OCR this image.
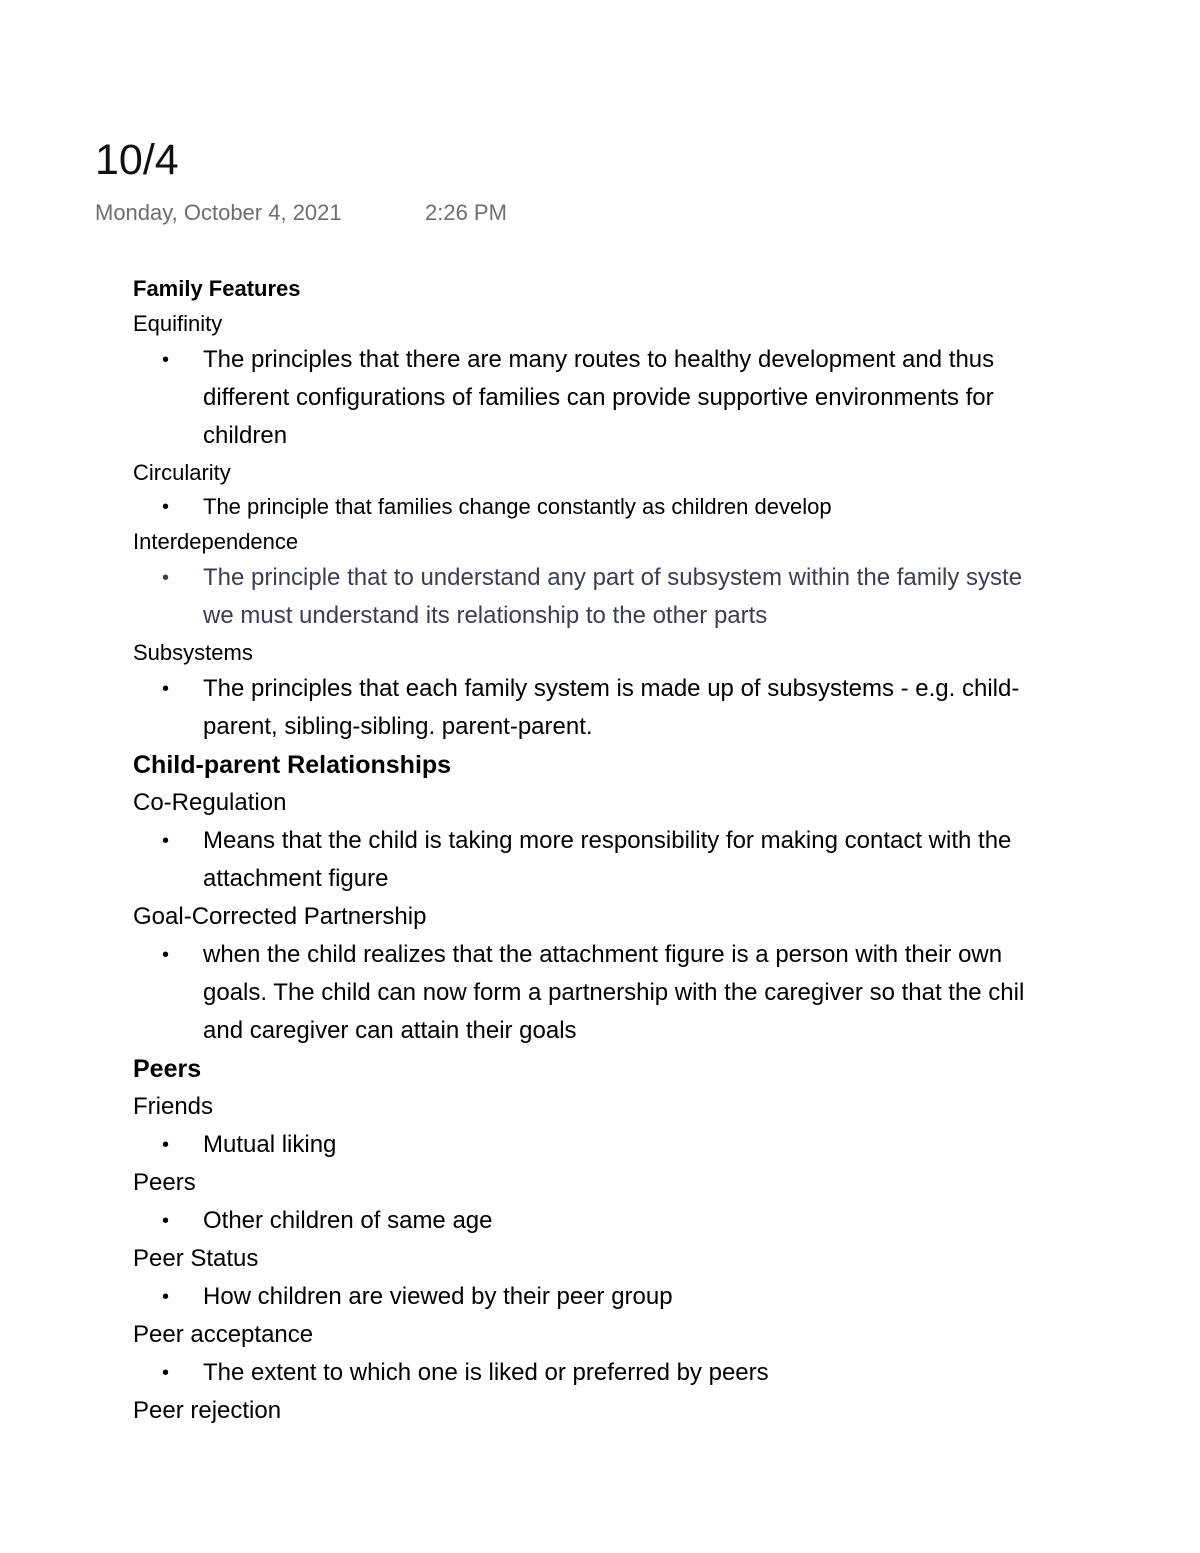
10/4
Monday, October 4, 2021	2:26 PM
Family Features
Equifinity
• The principles that there are many routes to healthy development and thus
different configurations of families can provide supportive environments for
children
Circularity
• The principle that families change constantly as children develop
Interdependence
• The principle that to understand any part of subsystem within the family syste
we must understand its relationship to the other parts
Subsystems
• The principles that each family system is made up of subsystems - e.g. child-
parent, sibling-sibling. parent-parent.
Child-parent Relationships
Co-Regulation
• Means that the child is taking more responsibility for making contact with the
attachment figure
Goal-Corrected Partnership
• when the child realizes that the attachment figure is a person with their own
goals. The child can now form a partnership with the caregiver so that the chil
and caregiver can attain their goals
Peers
Friends
• Mutual liking
Peers
• Other children of same age
Peer Status
• How children are viewed by their peer group
Peer acceptance
• The extent to which one is liked or preferred by peers
Peer rejection
